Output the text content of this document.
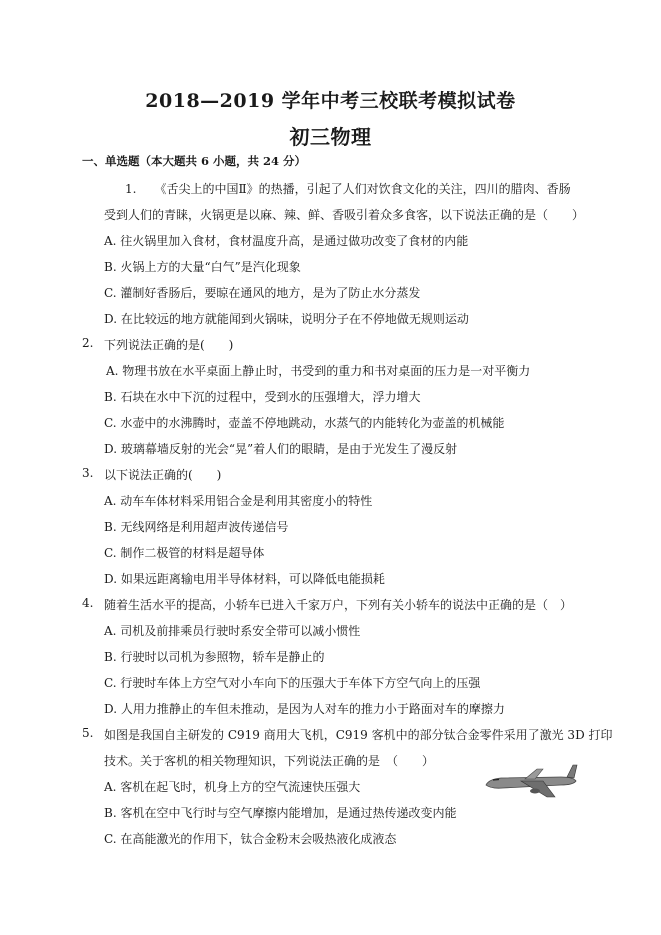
2018—2019 学年中考三校联考模拟试卷
初三物理
一、单选题（本大题共 6 小题，共 24 分）
1.　　《舌尖上的中国Ⅱ》的热播，引起了人们对饮食文化的关注，四川的腊肉、香肠
受到人们的青睐，火锅更是以麻、辣、鲜、香吸引着众多食客，以下说法正确的是（　　）
A. 往火锅里加入食材，食材温度升高，是通过做功改变了食材的内能
B. 火锅上方的大量“白气”是汽化现象
C. 灌制好香肠后，要晾在通风的地方，是为了防止水分蒸发
D. 在比较远的地方就能闻到火锅味，说明分子在不停地做无规则运动
2. 下列说法正确的是(　　)
A. 物理书放在水平桌面上静止时，书受到的重力和书对桌面的压力是一对平衡力
B. 石块在水中下沉的过程中，受到水的压强增大，浮力增大
C. 水壶中的水沸腾时，壶盖不停地跳动，水蒸气的内能转化为壶盖的机械能
D. 玻璃幕墙反射的光会“晃”着人们的眼睛，是由于光发生了漫反射
3. 以下说法正确的(　　)
A. 动车车体材料采用铝合金是利用其密度小的特性
B. 无线网络是利用超声波传递信号
C. 制作二极管的材料是超导体
D. 如果远距离输电用半导体材料，可以降低电能损耗
4. 随着生活水平的提高，小轿车已进入千家万户，下列有关小轿车的说法中正确的是（　）
A. 司机及前排乘员行驶时系安全带可以减小惯性
B. 行驶时以司机为参照物，轿车是静止的
C. 行驶时车体上方空气对小车向下的压强大于车体下方空气向上的压强
D. 人用力推静止的车但未推动，是因为人对车的推力小于路面对车的摩擦力
5. 如图是我国自主研发的 C919 商用大飞机，C919 客机中的部分钛合金零件采用了激光 3D 打印
技术。关于客机的相关物理知识，下列说法正确的是　（　　）
A. 客机在起飞时，机身上方的空气流速快压强大
B. 客机在空中飞行时与空气摩擦内能增加，是通过热传递改变内能
C. 在高能激光的作用下，钛合金粉末会吸热液化成液态
